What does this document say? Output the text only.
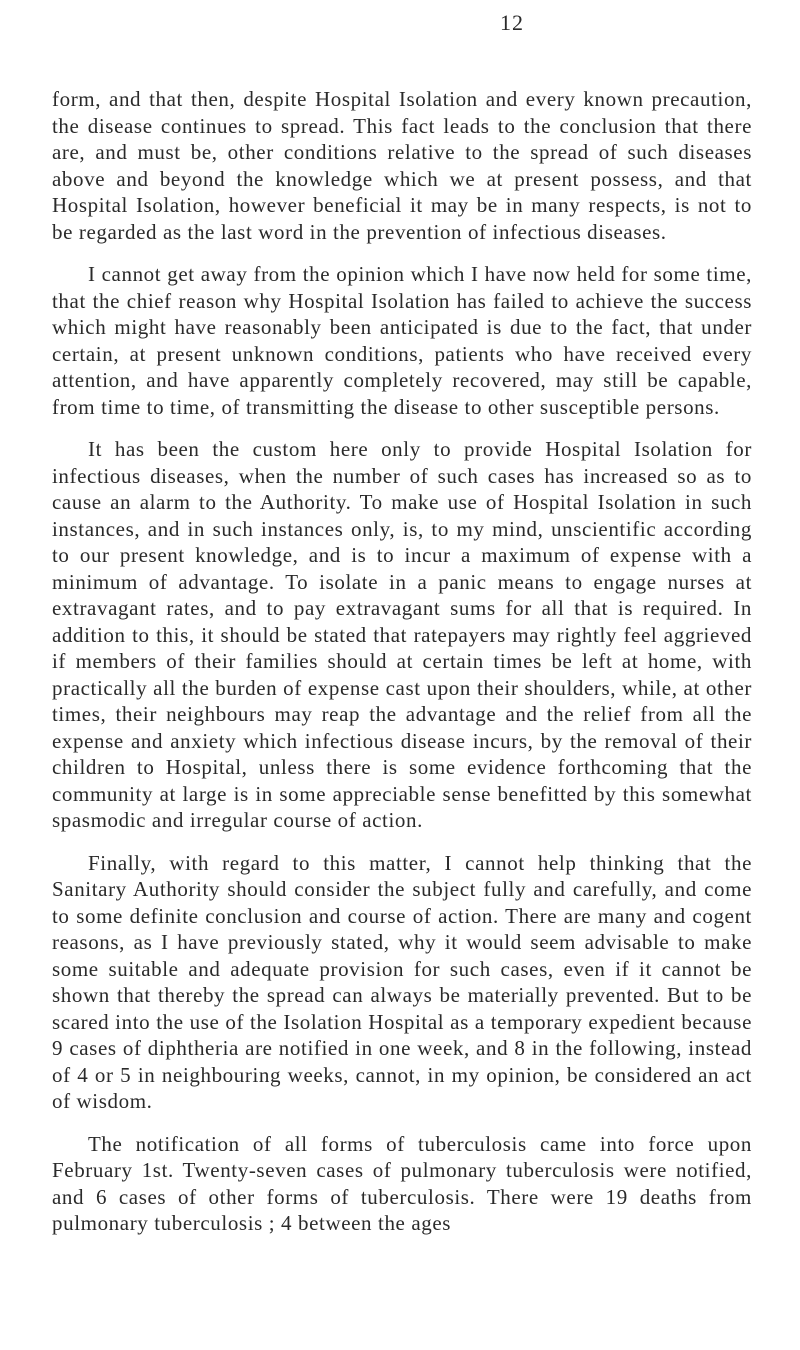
12

form, and that then, despite Hospital Isolation and every known precaution, the disease continues to spread. This fact leads to the conclusion that there are, and must be, other conditions relative to the spread of such diseases above and beyond the knowledge which we at present possess, and that Hospital Isolation, however beneficial it may be in many respects, is not to be regarded as the last word in the prevention of infectious diseases.

I cannot get away from the opinion which I have now held for some time, that the chief reason why Hospital Isolation has failed to achieve the success which might have reasonably been anticipated is due to the fact, that under certain, at present unknown conditions, patients who have received every attention, and have apparently completely recovered, may still be capable, from time to time, of transmitting the disease to other susceptible persons.

It has been the custom here only to provide Hospital Isolation for infectious diseases, when the number of such cases has increased so as to cause an alarm to the Authority. To make use of Hospital Isolation in such instances, and in such instances only, is, to my mind, unscientific according to our present knowledge, and is to incur a maximum of expense with a minimum of advantage. To isolate in a panic means to engage nurses at extravagant rates, and to pay extravagant sums for all that is required. In addition to this, it should be stated that ratepayers may rightly feel aggrieved if members of their families should at certain times be left at home, with practically all the burden of expense cast upon their shoulders, while, at other times, their neighbours may reap the advantage and the relief from all the expense and anxiety which infectious disease incurs, by the removal of their children to Hospital, unless there is some evidence forthcoming that the community at large is in some appreciable sense benefitted by this somewhat spasmodic and irregular course of action.

Finally, with regard to this matter, I cannot help thinking that the Sanitary Authority should consider the subject fully and carefully, and come to some definite conclusion and course of action. There are many and cogent reasons, as I have previously stated, why it would seem advisable to make some suitable and adequate provision for such cases, even if it cannot be shown that thereby the spread can always be materially prevented. But to be scared into the use of the Isolation Hospital as a temporary expedient because 9 cases of diphtheria are notified in one week, and 8 in the following, instead of 4 or 5 in neighbouring weeks, cannot, in my opinion, be considered an act of wisdom.

The notification of all forms of tuberculosis came into force upon February 1st. Twenty-seven cases of pulmonary tuberculosis were notified, and 6 cases of other forms of tuberculosis. There were 19 deaths from pulmonary tuberculosis ; 4 between the ages
